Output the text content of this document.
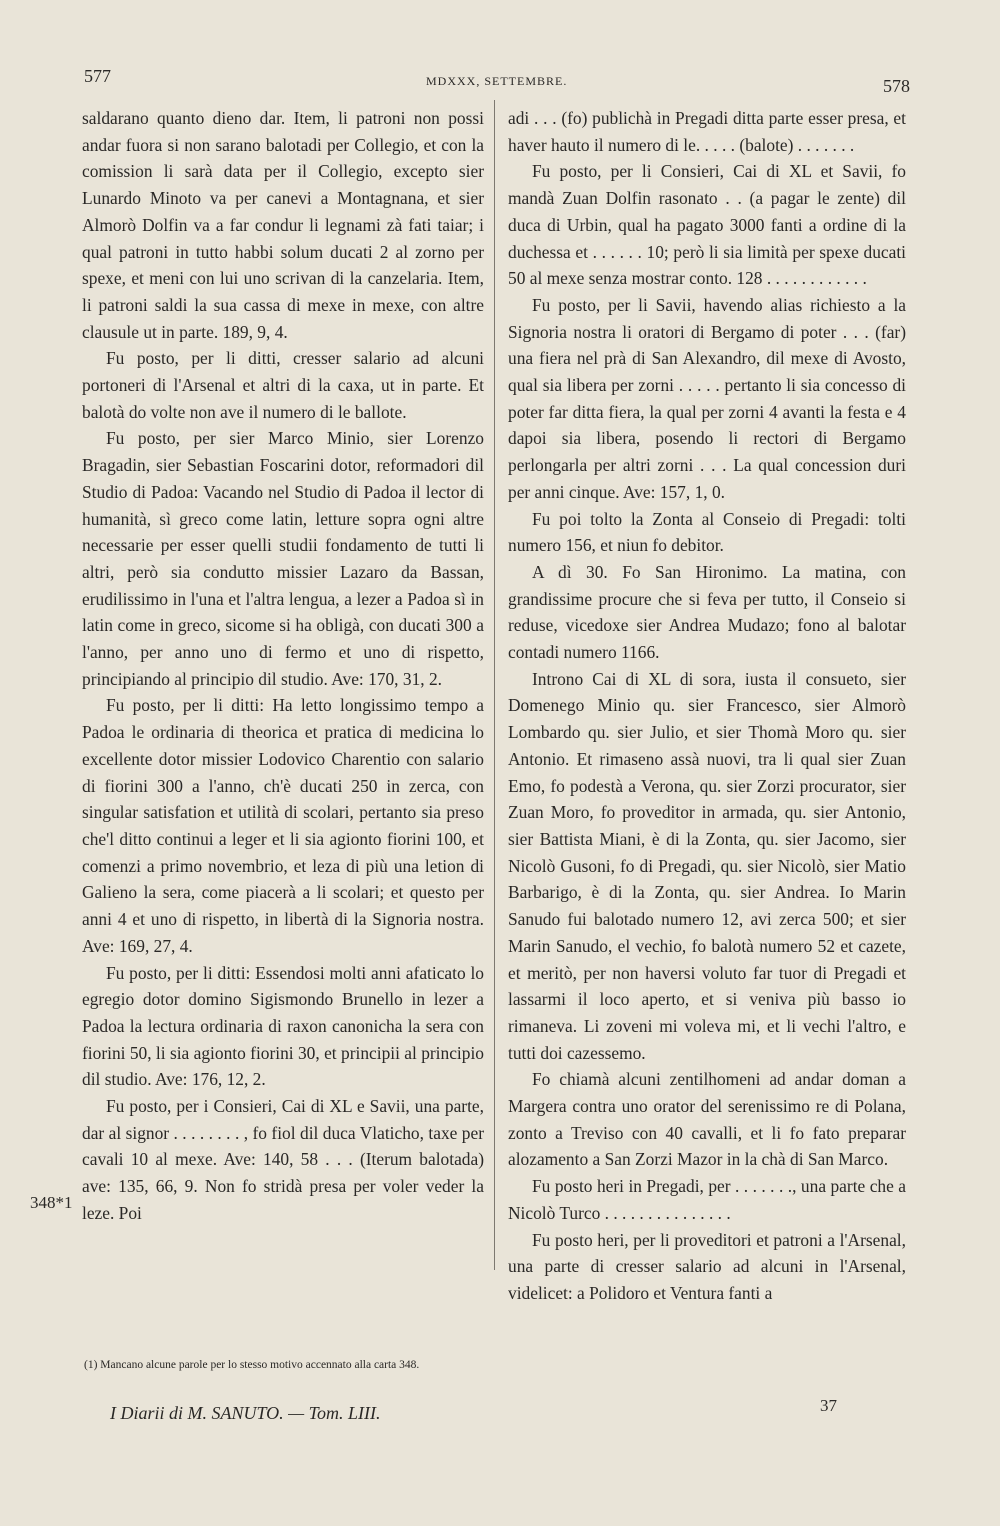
577	MDXXX, SETTEMBRE.	578

saldarano quanto dieno dar. Item, li patroni non possi andar fuora si non sarano balotadi per Collegio, et con la comission li sarà data per il Collegio, excepto sier Lunardo Minoto va per canevi a Montagnana, et sier Almorò Dolfin va a far condur li legnami zà fati taiar; i qual patroni in tutto habbi solum ducati 2 al zorno per spexe, et meni con lui uno scrivan di la canzelaria. Item, li patroni saldi la sua cassa di mexe in mexe, con altre clausule ut in parte. 189, 9, 4.

Fu posto, per li ditti, cresser salario ad alcuni portoneri di l'Arsenal et altri di la caxa, ut in parte. Et balotà do volte non ave il numero di le ballote.

Fu posto, per sier Marco Minio, sier Lorenzo Bragadin, sier Sebastian Foscarini dotor, reformadori dil Studio di Padoa: Vacando nel Studio di Padoa il lector di humanità, sì greco come latin, letture sopra ogni altre necessarie per esser quelli studii fondamento de tutti li altri, però sia condutto missier Lazaro da Bassan, erudilissimo in l'una et l'altra lengua, a lezer a Padoa sì in latin come in greco, sicome si ha obligà, con ducati 300 a l'anno, per anno uno di fermo et uno di rispetto, principiando al principio dil studio. Ave: 170, 31, 2.

Fu posto, per li ditti: Ha letto longissimo tempo a Padoa le ordinaria di theorica et pratica di medicina lo excellente dotor missier Lodovico Charentio con salario di fiorini 300 a l'anno, ch'è ducati 250 in zerca, con singular satisfation et utilità di scolari, pertanto sia preso che'l ditto continui a leger et li sia agionto fiorini 100, et comenzi a primo novembrio, et leza di più una letion di Galieno la sera, come piacerà a li scolari; et questo per anni 4 et uno di rispetto, in libertà di la Signoria nostra. Ave: 169, 27, 4.

Fu posto, per li ditti: Essendosi molti anni afaticato lo egregio dotor domino Sigismondo Brunello in lezer a Padoa la lectura ordinaria di raxon canonicha la sera con fiorini 50, li sia agionto fiorini 30, et principii al principio dil studio. Ave: 176, 12, 2.

Fu posto, per i Consieri, Cai di XL e Savii, una parte, dar al signor . . . . . . . . , fo fiol dil duca Vlaticho, taxe per cavali 10 al mexe. Ave: 140, 58 . . . (Iterum balotada) ave: 135, 66, 9. Non fo stridà presa per voler veder la leze. Poi

348*1

adi . . . (fo) publichà in Pregadi ditta parte esser presa, et haver hauto il numero di le. . . . . (balote) . . . . . . .

Fu posto, per li Consieri, Cai di XL et Savii, fo mandà Zuan Dolfin rasonato . . (a pagar le zente) dil duca di Urbin, qual ha pagato 3000 fanti a ordine di la duchessa et . . . . . . 10; però li sia limità per spexe ducati 50 al mexe senza mostrar conto. 128 . . . . . . . . . . . .

Fu posto, per li Savii, havendo alias richiesto a la Signoria nostra li oratori di Bergamo di poter . . . (far) una fiera nel prà di San Alexandro, dil mexe di Avosto, qual sia libera per zorni . . . . . pertanto li sia concesso di poter far ditta fiera, la qual per zorni 4 avanti la festa e 4 dapoi sia libera, posendo li rectori di Bergamo perlongarla per altri zorni . . . La qual concession duri per anni cinque. Ave: 157, 1, 0.

Fu poi tolto la Zonta al Conseio di Pregadi: tolti numero 156, et niun fo debitor.

A dì 30. Fo San Hironimo. La matina, con grandissime procure che si feva per tutto, il Conseio si reduse, vicedoxe sier Andrea Mudazo; fono al balotar contadi numero 1166.

Introno Cai di XL di sora, iusta il consueto, sier Domenego Minio qu. sier Francesco, sier Almorò Lombardo qu. sier Julio, et sier Thomà Moro qu. sier Antonio. Et rimaseno assà nuovi, tra li qual sier Zuan Emo, fo podestà a Verona, qu. sier Zorzi procurator, sier Zuan Moro, fo proveditor in armada, qu. sier Antonio, sier Battista Miani, è di la Zonta, qu. sier Jacomo, sier Nicolò Gusoni, fo di Pregadi, qu. sier Nicolò, sier Matio Barbarigo, è di la Zonta, qu. sier Andrea. Io Marin Sanudo fui balotado numero 12, avi zerca 500; et sier Marin Sanudo, el vechio, fo balotà numero 52 et cazete, et meritò, per non haversi voluto far tuor di Pregadi et lassarmi il loco aperto, et si veniva più basso io rimaneva. Li zoveni mi voleva mi, et li vechi l'altro, e tutti doi cazessemo.

Fo chiamà alcuni zentilhomeni ad andar doman a Margera contra uno orator del serenissimo re di Polana, zonto a Treviso con 40 cavalli, et li fo fato preparar alozamento a San Zorzi Mazor in la chà di San Marco.

Fu posto heri in Pregadi, per . . . . . . ., una parte che a Nicolò Turco . . . . . . . . . . . . . . .

Fu posto heri, per li proveditori et patroni a l'Arsenal, una parte di cresser salario ad alcuni in l'Arsenal, videlicet: a Polidoro et Ventura fanti a

(1) Mancano alcune parole per lo stesso motivo accennato alla carta 348.
I Diarii di M. SANUTO. — Tom. LIII.	37
